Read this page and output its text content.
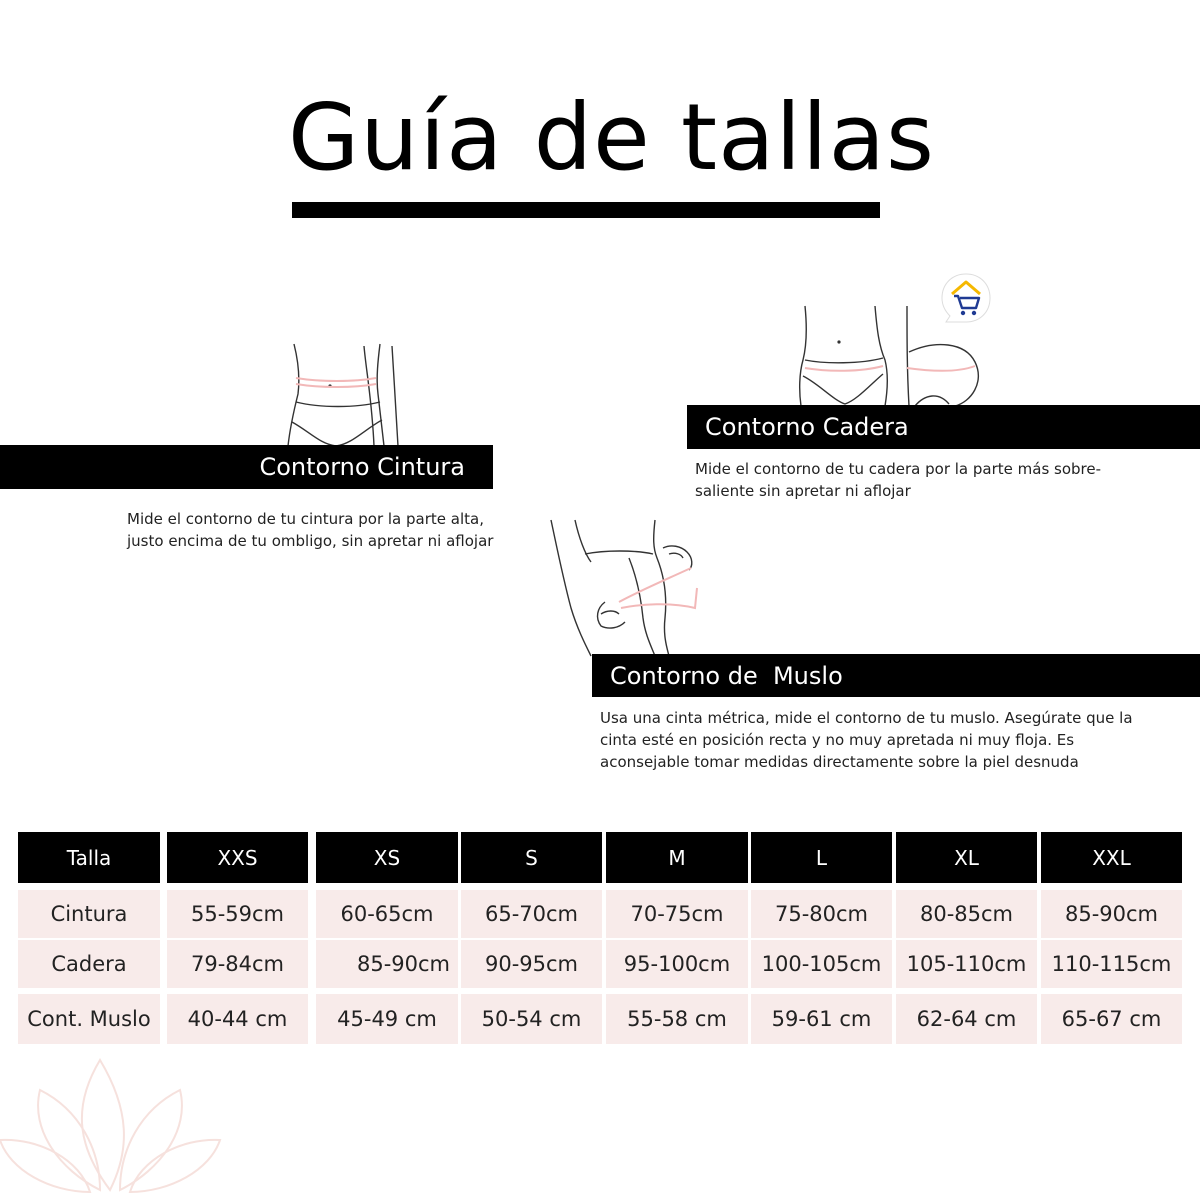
Guía de tallas
Contorno Cintura
Mide el contorno de tu cintura por la parte alta, justo encima de tu ombligo, sin apretar ni aflojar
Contorno Cadera
Mide el contorno de tu cadera por la parte más sobre-saliente sin apretar ni aflojar
Contorno de  Muslo
Usa una cinta métrica, mide el contorno de tu muslo. Asegúrate que la cinta esté en posición recta y no muy apretada ni muy floja. Es aconsejable tomar medidas directamente sobre la piel desnuda
Talla	XXS	XS	S	M	L	XL	XXL
Cintura	55-59cm	60-65cm	65-70cm	70-75cm	75-80cm	80-85cm	85-90cm
Cadera	79-84cm	85-90cm	90-95cm	95-100cm	100-105cm	105-110cm	110-115cm
Cont. Muslo	40-44 cm	45-49 cm	50-54 cm	55-58 cm	59-61 cm	62-64 cm	65-67 cm
